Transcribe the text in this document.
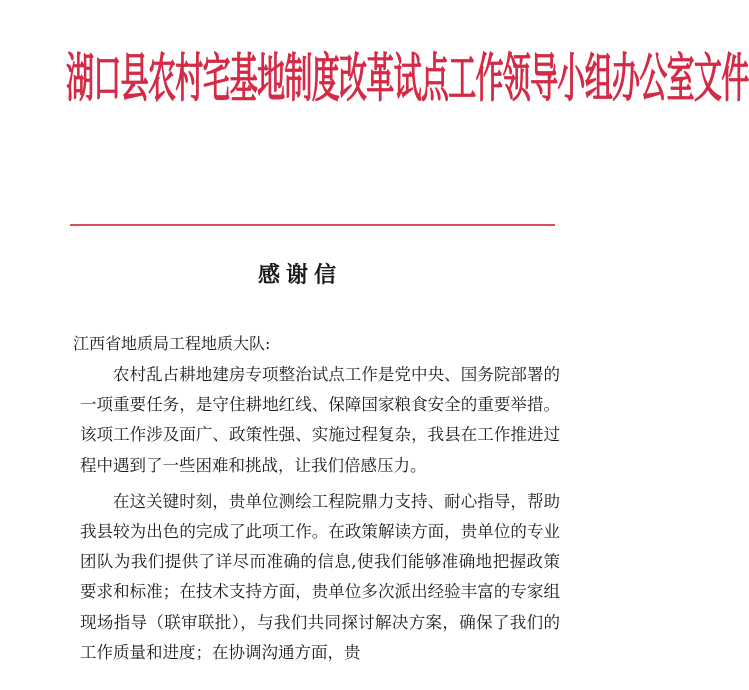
湖口县农村宅基地制度改革试点工作领导小组办公室文件
感谢信
江西省地质局工程地质大队:

农村乱占耕地建房专项整治试点工作是党中央、国务院部署的一项重要任务，是守住耕地红线、保障国家粮食安全的重要举措。该项工作涉及面广、政策性强、实施过程复杂，我县在工作推进过程中遇到了一些困难和挑战，让我们倍感压力。

在这关键时刻，贵单位测绘工程院鼎力支持、耐心指导，帮助我县较为出色的完成了此项工作。在政策解读方面，贵单位的专业团队为我们提供了详尽而准确的信息,使我们能够准确地把握政策要求和标准；在技术支持方面，贵单位多次派出经验丰富的专家组现场指导（联审联批），与我们共同探讨解决方案，确保了我们的工作质量和进度；在协调沟通方面，贵
